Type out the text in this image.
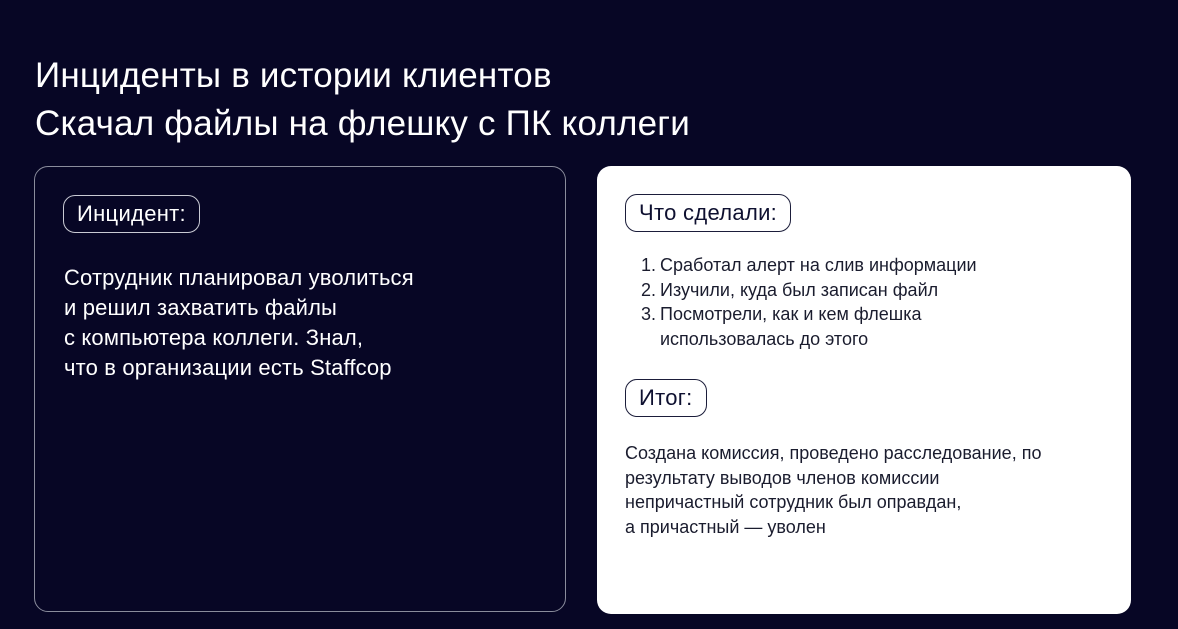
Инциденты в истории клиентов
Скачал файлы на флешку с ПК коллеги
Инцидент:
Сотрудник планировал уволиться
и решил захватить файлы
с компьютера коллеги. Знал,
что в организации есть Staffcop
Что сделали:
1. Сработал алерт на слив информации
2. Изучили, куда был записан файл
3. Посмотрели, как и кем флешка
использовалась до этого
Итог:
Создана комиссия, проведено расследование, по
результату выводов членов комиссии
непричастный сотрудник был оправдан,
а причастный — уволен
